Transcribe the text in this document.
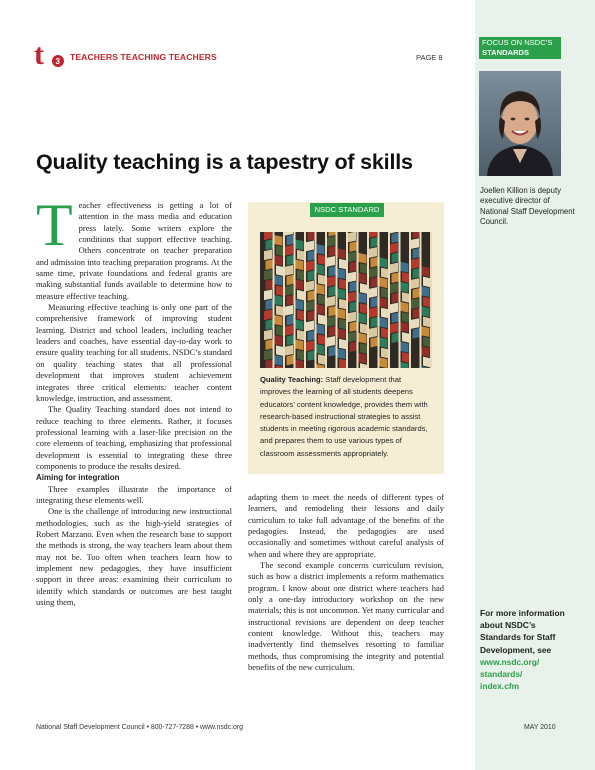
t 3 TEACHERS TEACHING TEACHERS	PAGE 8
FOCUS ON NSDC’S
STANDARDS
Joellen Killion is deputy executive director of National Staff Development Council.
For more information about NSDC’s Standards for Staff Development, see
www.nsdc.org/
standards/
index.cfm
Quality teaching is a tapestry of skills
T eacher effectiveness is getting a lot of attention in the mass media and education press lately. Some writers explore the conditions that support effective teaching. Others concentrate on teacher preparation and admission into teaching preparation programs. At the same time, private foundations and federal grants are making substantial funds available to determine how to measure effective teaching.

Measuring effective teaching is only one part of the comprehensive framework of improving student learning. District and school leaders, including teacher leaders and coaches, have essential day-to-day work to ensure quality teaching for all students. NSDC’s standard on quality teaching states that all professional development that improves student achievement integrates three critical elements: teacher content knowledge, instruction, and assessment.

The Quality Teaching standard does not intend to reduce teaching to three elements. Rather, it focuses professional learning with a laser-like precision on the core elements of teaching, emphasizing that professional development is essential to integrating these three components to produce the results desired.

Aiming for integration

Three examples illustrate the importance of integrating these elements well.

One is the challenge of introducing new instructional methodologies, such as the high-yield strategies of Robert Marzano. Even when the research base to support the methods is strong, the way teachers learn about them may not be. Too often when teachers learn how to implement new pedagogies, they have insufficient support in three areas: examining their curriculum to identify which standards or outcomes are best taught using them,

NSDC STANDARD
Quality Teaching: Staff development that improves the learning of all students deepens educators’ content knowledge, provides them with research-based instructional strategies to assist students in meeting rigorous academic standards, and prepares them to use various types of classroom assessments appropriately.

adapting them to meet the needs of different types of learners, and remodeling their lessons and daily curriculum to take full advantage of the benefits of the pedagogies. Instead, the pedagogies are used occasionally and sometimes without careful analysis of when and where they are appropriate.

The second example concerns curriculum revision, such as how a district implements a reform mathematics program. I know about one district where teachers had only a one-day introductory workshop on the new materials; this is not uncommon. Yet many curricular and instructional revisions are dependent on deep teacher content knowledge. Without this, teachers may inadvertently find themselves resorting to familiar methods, thus compromising the integrity and potential benefits of the new curriculum.

National Staff Development Council • 800-727-7288 • www.nsdc.org	MAY 2010
